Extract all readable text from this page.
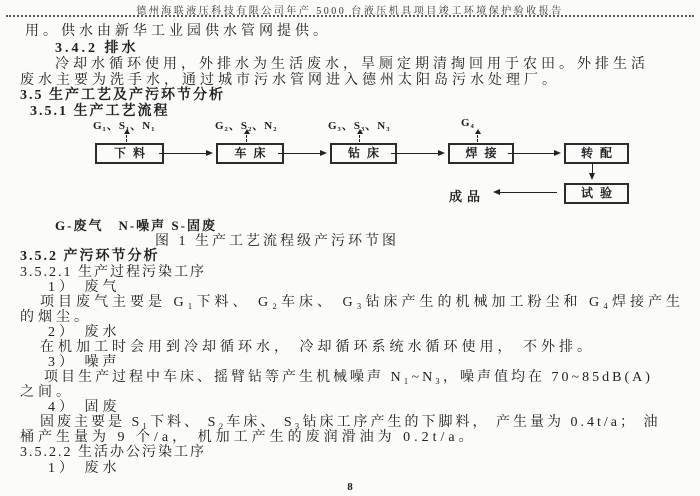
德州海联液压科技有限公司年产 5000 台液压机具项目竣工环境保护验收报告
用。供水由新华工业园供水管网提供。
3.4.2 排水
冷却水循环使用，外排水为生活废水，旱厕定期清掏回用于农田。外排生活
废水主要为洗手水，通过城市污水管网进入德州太阳岛污水处理厂。
3.5 生产工艺及产污环节分析
3.5.1 生产工艺流程
G₁、S₁、N₁	G₂、S₂、N₂	G₃、S₃、N₃	G₄
下料	车床	钻床	焊接	转配
试验
成品
G-废气　N-噪声 S-固废
图 1 生产工艺流程级产污环节图
3.5.2 产污环节分析
3.5.2.1 生产过程污染工序
1） 废气
项目废气主要是 G₁下料、 G₂车床、 G₃钻床产生的机械加工粉尘和 G₄焊接产生
的烟尘。
2） 废水
在机加工时会用到冷却循环水， 冷却循环系统水循环使用， 不外排。
3） 噪声
项目生产过程中车床、摇臂钻等产生机械噪声 N₁~N₃，噪声值均在 70~85dB(A)
之间。
4） 固废
固废主要是 S₁下料、 S₂车床、 S₃钻床工序产生的下脚料， 产生量为 0.4t/a； 油
桶产生量为 9 个/a， 机加工产生的废润滑油为 0.2t/a。
3.5.2.2 生活办公污染工序
1） 废水
8
